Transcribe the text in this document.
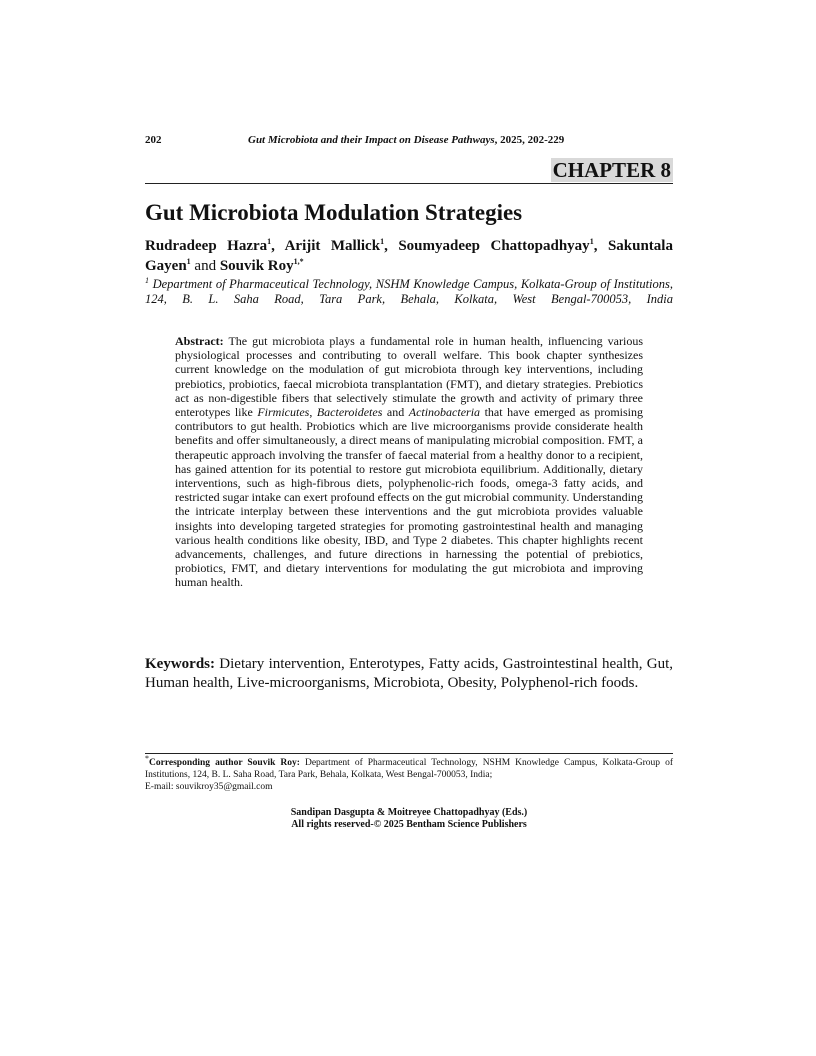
202	Gut Microbiota and their Impact on Disease Pathways, 2025, 202-229
CHAPTER 8
Gut Microbiota Modulation Strategies
Rudradeep Hazra$^1$, Arijit Mallick$^1$, Soumyadeep Chattopadhyay$^1$, Sakuntala Gayen$^1$ and Souvik Roy$^{1,*}$
$^1$ Department of Pharmaceutical Technology, NSHM Knowledge Campus, Kolkata-Group of Institutions, 124, B. L. Saha Road, Tara Park, Behala, Kolkata, West Bengal-700053, India
Abstract: The gut microbiota plays a fundamental role in human health, influencing various physiological processes and contributing to overall welfare. This book chapter synthesizes current knowledge on the modulation of gut microbiota through key interventions, including prebiotics, probiotics, faecal microbiota transplantation (FMT), and dietary strategies. Prebiotics act as non-digestible fibers that selectively stimulate the growth and activity of primary three enterotypes like Firmicutes, Bacteroidetes and Actinobacteria that have emerged as promising contributors to gut health. Probiotics which are live microorganisms provide considerate health benefits and offer simultaneously, a direct means of manipulating microbial composition. FMT, a therapeutic approach involving the transfer of faecal material from a healthy donor to a recipient, has gained attention for its potential to restore gut microbiota equilibrium. Additionally, dietary interventions, such as high-fibrous diets, polyphenolic-rich foods, omega-3 fatty acids, and restricted sugar intake can exert profound effects on the gut microbial community. Understanding the intricate interplay between these interventions and the gut microbiota provides valuable insights into developing targeted strategies for promoting gastrointestinal health and managing various health conditions like obesity, IBD, and Type 2 diabetes. This chapter highlights recent advancements, challenges, and future directions in harnessing the potential of prebiotics, probiotics, FMT, and dietary interventions for modulating the gut microbiota and improving human health.
Keywords: Dietary intervention, Enterotypes, Fatty acids, Gastrointestinal health, Gut, Human health, Live-microorganisms, Microbiota, Obesity, Polyphenol-rich foods.
*Corresponding author Souvik Roy: Department of Pharmaceutical Technology, NSHM Knowledge Campus, Kolkata-Group of Institutions, 124, B. L. Saha Road, Tara Park, Behala, Kolkata, West Bengal-700053, India;
E-mail: souvikroy35@gmail.com
Sandipan Dasgupta & Moitreyee Chattopadhyay (Eds.)
All rights reserved-© 2025 Bentham Science Publishers
